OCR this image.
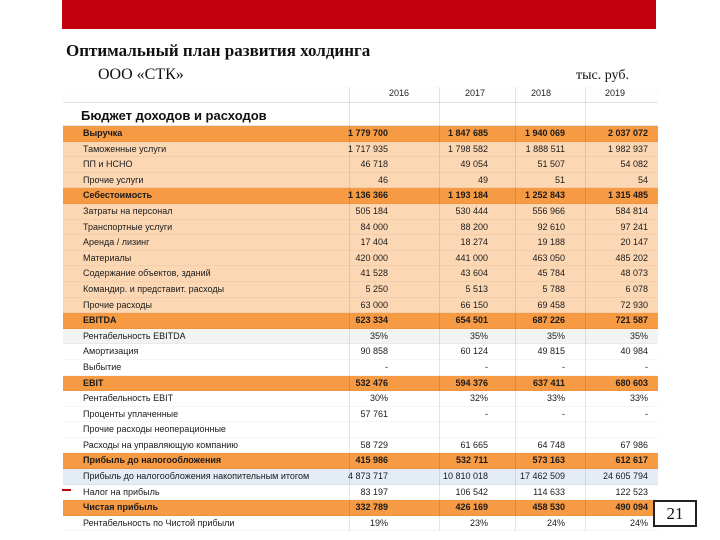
Оптимальный план развития холдинга
ООО «СТК»	тыс. руб.
2016	2017	2018	2019
Бюджет доходов и расходов
Выручка	1 779 700	1 847 685	1 940 069	2 037 072
Таможенные услуги	1 717 935	1 798 582	1 888 511	1 982 937
ПП и НСНО	46 718	49 054	51 507	54 082
Прочие услуги	46	49	51	54
Себестоимость	1 136 366	1 193 184	1 252 843	1 315 485
Затраты на персонал	505 184	530 444	556 966	584 814
Транспортные услуги	84 000	88 200	92 610	97 241
Аренда / лизинг	17 404	18 274	19 188	20 147
Материалы	420 000	441 000	463 050	485 202
Содержание объектов, зданий	41 528	43 604	45 784	48 073
Командир. и представит. расходы	5 250	5 513	5 788	6 078
Прочие расходы	63 000	66 150	69 458	72 930
EBITDA	623 334	654 501	687 226	721 587
Рентабельность EBITDA	35%	35%	35%	35%
Амортизация	90 858	60 124	49 815	40 984
Выбытие	-	-	-	-
EBIT	532 476	594 376	637 411	680 603
Рентабельность EBIT	30%	32%	33%	33%
Проценты уплаченные	57 761	-	-	-
Прочие расходы неоперационные
Расходы на управляющую компанию	58 729	61 665	64 748	67 986
Прибыль до налогообложения	415 986	532 711	573 163	612 617
Прибыль до налогообложения накопительным итогом	4 873 717	10 810 018	17 462 509	24 605 794
Налог на прибыль	83 197	106 542	114 633	122 523
Чистая прибыль	332 789	426 169	458 530	490 094
Рентабельность по Чистой прибыли	19%	23%	24%	24%	21
